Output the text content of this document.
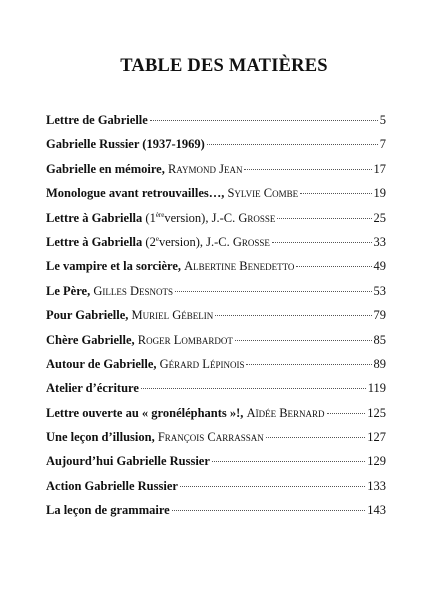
TABLE DES MATIÈRES
Lettre de Gabrielle	5
Gabrielle Russier (1937-1969)	7
Gabrielle en mémoire, Raymond Jean	17
Monologue avant retrouvailles…, Sylvie Combe	19
Lettre à Gabriella (1èreversion), J.-C. Grosse	25
Lettre à Gabriella (2eversion), J.-C. Grosse	33
Le vampire et la sorcière, Albertine Benedetto	49
Le Père, Gilles Desnots	53
Pour Gabrielle, Muriel Gébelin	79
Chère Gabrielle, Roger Lombardot	85
Autour de Gabrielle, Gérard Lépinois	89
Atelier d’écriture	119
Lettre ouverte au « gronéléphants »!, Aïdée Bernard	125
Une leçon d’illusion, François Carrassan	127
Aujourd’hui Gabrielle Russier	129
Action Gabrielle Russier	133
La leçon de grammaire	143
